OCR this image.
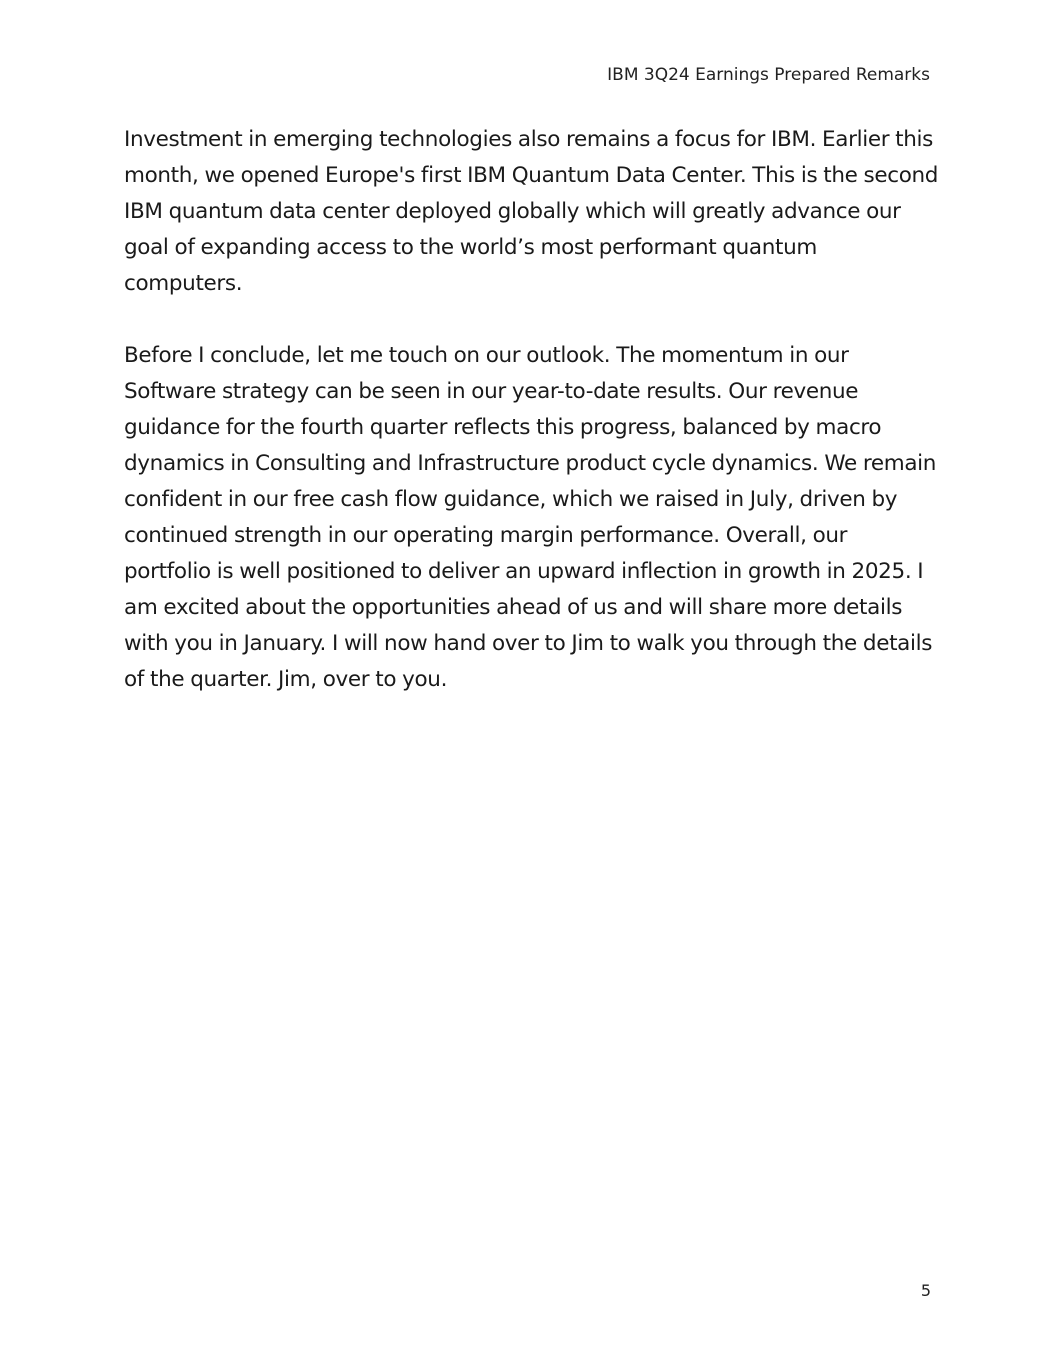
IBM 3Q24 Earnings Prepared Remarks

Investment in emerging technologies also remains a focus for IBM. Earlier this month, we opened Europe's first IBM Quantum Data Center. This is the second IBM quantum data center deployed globally which will greatly advance our goal of expanding access to the world’s most performant quantum computers.

Before I conclude, let me touch on our outlook. The momentum in our Software strategy can be seen in our year-to-date results. Our revenue guidance for the fourth quarter reflects this progress, balanced by macro dynamics in Consulting and Infrastructure product cycle dynamics. We remain confident in our free cash flow guidance, which we raised in July, driven by continued strength in our operating margin performance. Overall, our portfolio is well positioned to deliver an upward inflection in growth in 2025. I am excited about the opportunities ahead of us and will share more details with you in January. I will now hand over to Jim to walk you through the details of the quarter. Jim, over to you.

5
